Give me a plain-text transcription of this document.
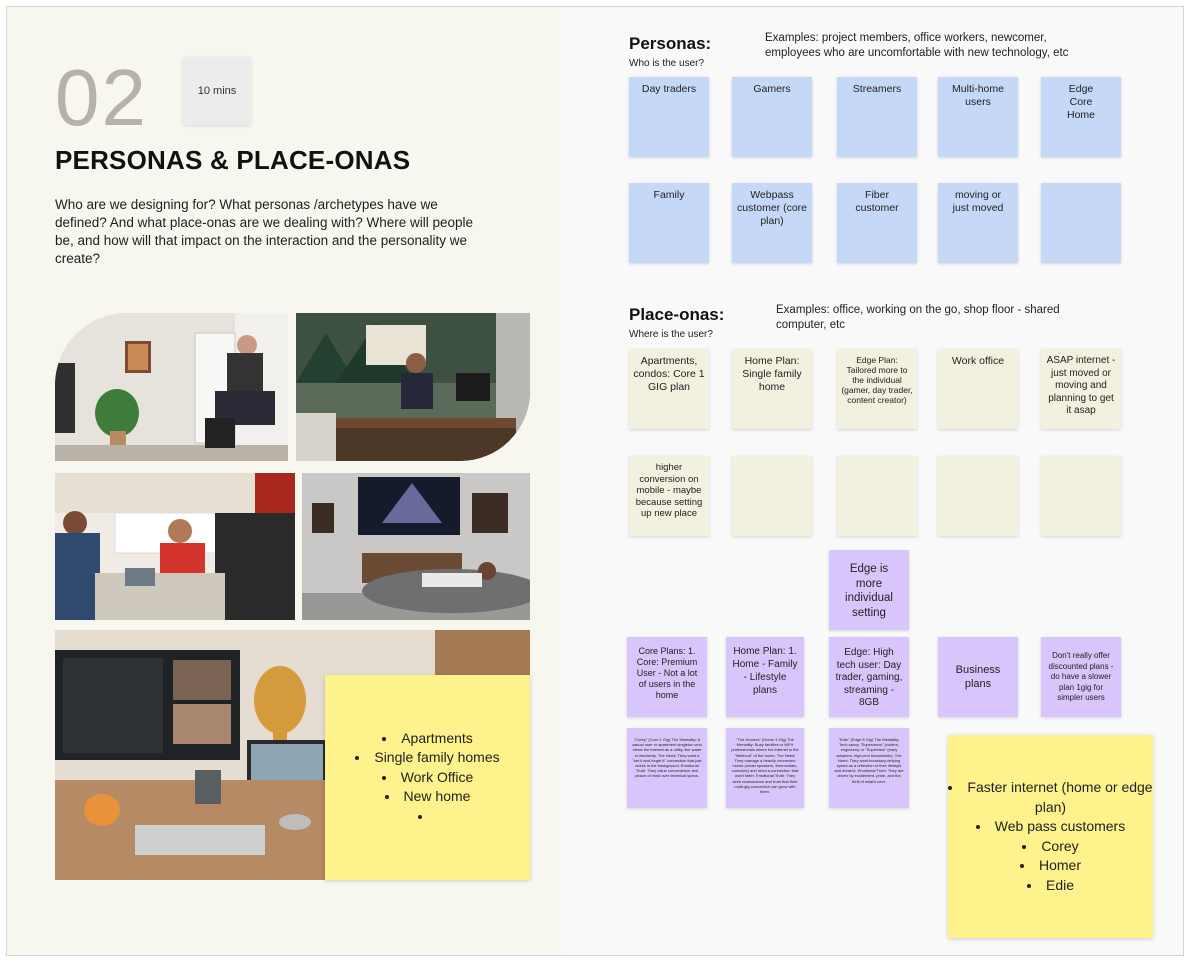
02	10 mins
PERSONAS & PLACE-ONAS
Who are we designing for? What personas /archetypes have we defined? And what place-onas are we dealing with? Where will people be, and how will that impact on the interaction and the personality we create?
• Apartments
• Single family homes
• Work Office
• New home
•
Personas:
Who is the user?
Examples: project members, office workers, newcomer, employees who are uncomfortable with new technology, etc
Day traders	Gamers	Streamers	Multi-home users
Edge Core Home
Family	Webpass customer (core plan)
Fiber customer
moving or just moved
Place-onas:
Where is the user?
Examples: office, working on the go, shop floor - shared computer, etc
Apartments, condos: Core 1 GIG plan
Home Plan: Single family home
Edge Plan: Tailored more to the individual (gamer, day trader, content creator)
Work office	ASAP internet - just moved or moving and planning to get it asap
higher conversion on mobile - maybe because setting up new place
Edge is more individual setting
Core Plans: 1. Core: Premium User - Not a lot of users in the home
Home Plan: 1. Home - Family - Lifestyle plans
Edge: High tech user: Day trader, gaming, streaming - 8GB
Business plans
Don't really offer discounted plans - do have a slower plan 1gig for simpler users
"Corey" (Core 1 Gig) The Mentality: A casual user or apartment singleton who views the internet as a utility, like water or electricity. The Need: They want a "set it and forget it" connection that just works in the background. Emotional Truth: They value convenience and peace of mind over technical specs.
"The Homers" (Home 3 Gig) The Mentality: Busy families or WFH professionals where the internet is the "lifeblood" of the home. The Need: They manage a heavily connected house (smart speakers, thermostats, consoles) and need a connection that won't falter. Emotional Truth: They seek reassurance and trust that their multi-gig connection can grow with them.
"Edie" (Edge 8 Gig) The Mentality: Tech-savvy "Superusers" (coders, engineers) or "Superfans" (early adopters, high-end households). The Need: They want boundary-defying speed as a reflection of their lifestyle and dreams. Emotional Truth: They are driven by excitement, pride, and the thrill of what's next.
•	Faster internet (home or edge plan)
• Web pass customers
• Corey
• Homer
• Edie
